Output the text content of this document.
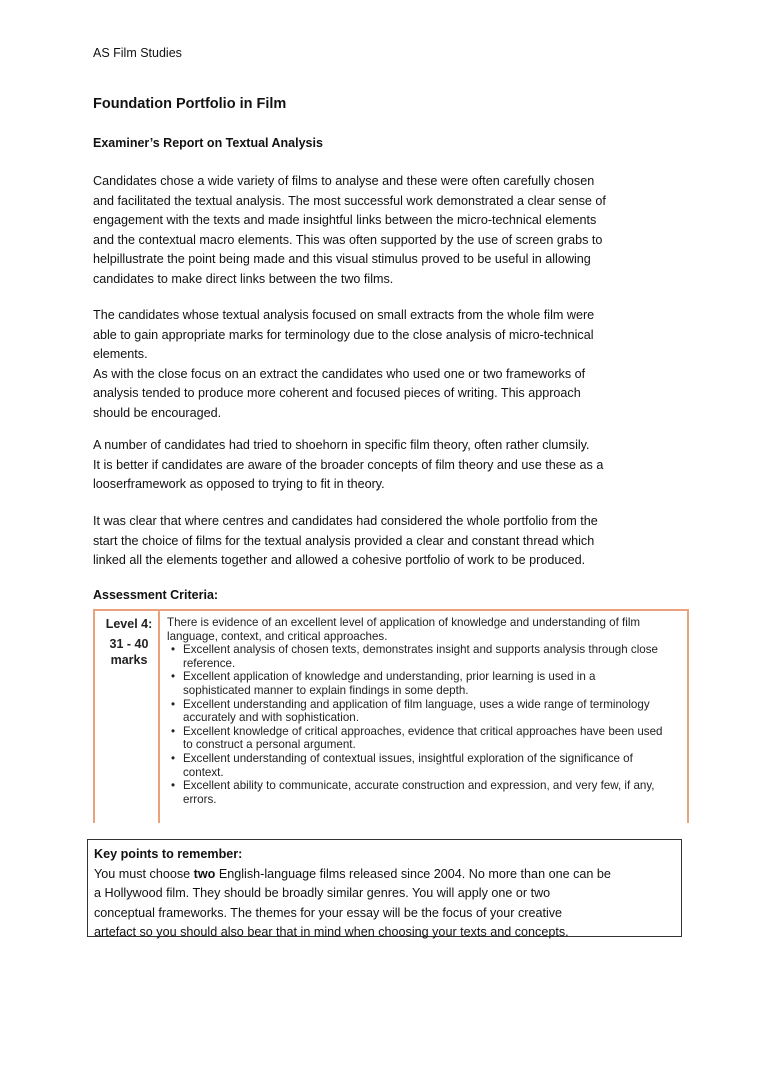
AS Film Studies
Foundation Portfolio in Film
Examiner’s Report on Textual Analysis
Candidates chose a wide variety of films to analyse and these were often carefully chosen
and facilitated the textual analysis. The most successful work demonstrated a clear sense of
engagement with the texts and made insightful links between the micro-technical elements
and the contextual macro elements. This was often supported by the use of screen grabs to
helpillustrate the point being made and this visual stimulus proved to be useful in allowing
candidates to make direct links between the two films.
The candidates whose textual analysis focused on small extracts from the whole film were
able to gain appropriate marks for terminology due to the close analysis of micro-technical
elements.
As with the close focus on an extract the candidates who used one or two frameworks of
analysis tended to produce more coherent and focused pieces of writing. This approach
should be encouraged.
A number of candidates had tried to shoehorn in specific film theory, often rather clumsily.
It is better if candidates are aware of the broader concepts of film theory and use these as a
looserframework as opposed to trying to fit in theory.
It was clear that where centres and candidates had considered the whole portfolio from the
start the choice of films for the textual analysis provided a clear and constant thread which
linked all the elements together and allowed a cohesive portfolio of work to be produced.
Assessment Criteria:
Level 4:
31 - 40
marks
There is evidence of an excellent level of application of knowledge and understanding of film
language, context, and critical approaches.
• Excellent analysis of chosen texts, demonstrates insight and supports analysis through close
reference.
• Excellent application of knowledge and understanding, prior learning is used in a
sophisticated manner to explain findings in some depth.
• Excellent understanding and application of film language, uses a wide range of terminology
accurately and with sophistication.
• Excellent knowledge of critical approaches, evidence that critical approaches have been used
to construct a personal argument.
• Excellent understanding of contextual issues, insightful exploration of the significance of
context.
• Excellent ability to communicate, accurate construction and expression, and very few, if any,
errors.
Key points to remember:
You must choose two English-language films released since 2004. No more than one can be
a Hollywood film. They should be broadly similar genres. You will apply one or two
conceptual frameworks. The themes for your essay will be the focus of your creative
artefact so you should also bear that in mind when choosing your texts and concepts.
